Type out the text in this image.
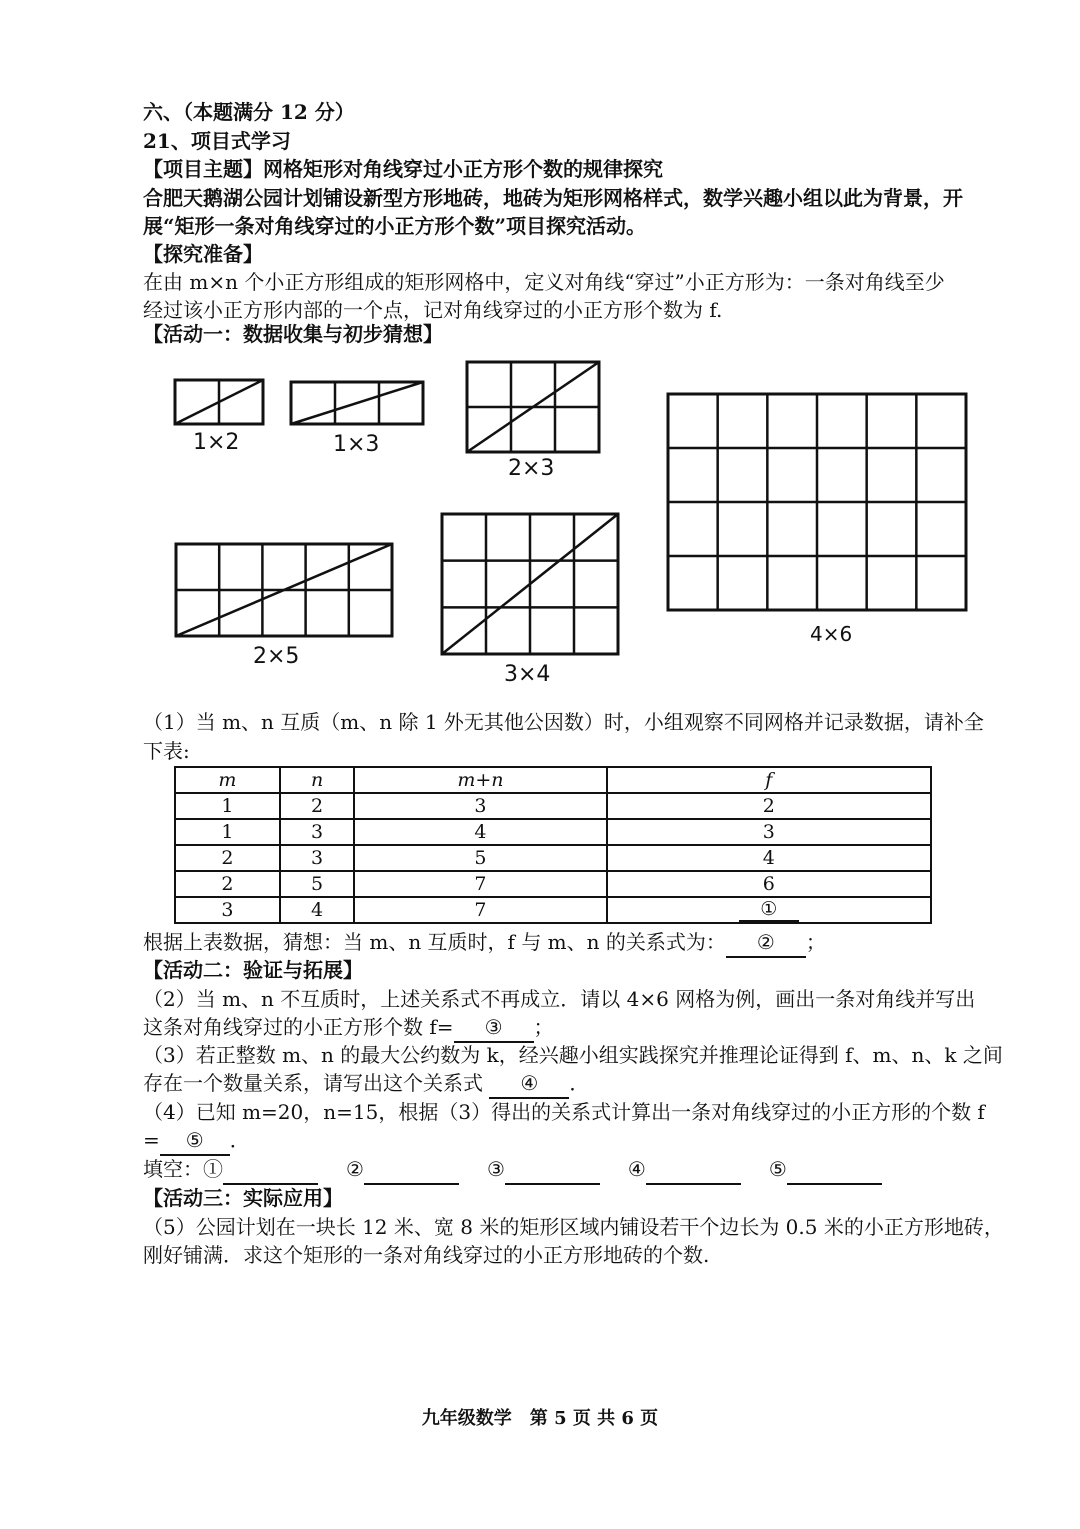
六、（本题满分 12 分）
21、项目式学习
【项目主题】网格矩形对角线穿过小正方形个数的规律探究
合肥天鹅湖公园计划铺设新型方形地砖，地砖为矩形网格样式，数学兴趣小组以此为背景，开
展“矩形一条对角线穿过的小正方形个数”项目探究活动。
【探究准备】
在由 m×n 个小正方形组成的矩形网格中，定义对角线“穿过”小正方形为：一条对角线至少
经过该小正方形内部的一个点，记对角线穿过的小正方形个数为 f.
【活动一：数据收集与初步猜想】
1×2	1×3
2×3
2×5
3×4
4×6
（1）当 m、n 互质（m、n 除 1 外无其他公因数）时，小组观察不同网格并记录数据，请补全
下表:
m	n	m+n	f
1	2	3	2
1	3	4	3
2	3	5	4
2	5	7	6
3	4	7	①
根据上表数据，猜想：当 m、n 互质时，f 与 m、n 的关系式为： ② ；
【活动二：验证与拓展】
（2）当 m、n 不互质时，上述关系式不再成立．请以 4×6 网格为例，画出一条对角线并写出
这条对角线穿过的小正方形个数 f= ③ ；
（3）若正整数 m、n 的最大公约数为 k，经兴趣小组实践探究并推理论证得到 f、m、n、k 之间
存在一个数量关系，请写出这个关系式 ④ ．
（4）已知 m=20，n=15，根据（3）得出的关系式计算出一条对角线穿过的小正方形的个数 f
= ⑤ ．
填空：①	②	③	④	⑤
【活动三：实际应用】
（5）公园计划在一块长 12 米、宽 8 米的矩形区域内铺设若干个边长为 0.5 米的小正方形地砖，
刚好铺满．求这个矩形的一条对角线穿过的小正方形地砖的个数.
九年级数学　第 5 页 共 6 页
